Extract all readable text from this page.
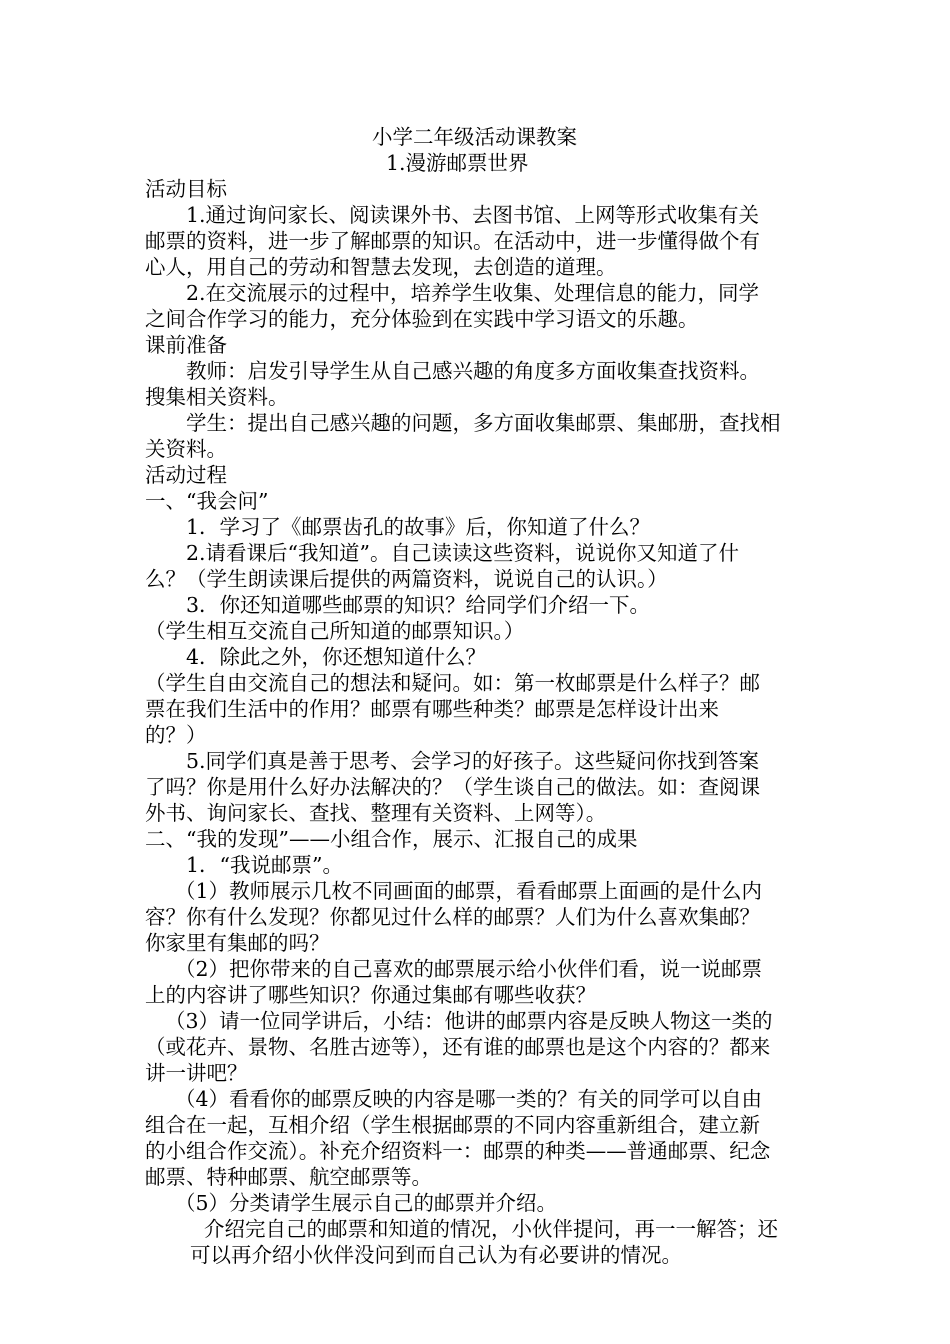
小学二年级活动课教案
1.漫游邮票世界
活动目标
1.通过询问家长、阅读课外书、去图书馆、上网等形式收集有关
邮票的资料，进一步了解邮票的知识。在活动中，进一步懂得做个有
心人，用自己的劳动和智慧去发现，去创造的道理。
2.在交流展示的过程中，培养学生收集、处理信息的能力，同学
之间合作学习的能力，充分体验到在实践中学习语文的乐趣。
课前准备
教师：启发引导学生从自己感兴趣的角度多方面收集查找资料。
搜集相关资料。
学生：提出自己感兴趣的问题，多方面收集邮票、集邮册，查找相
关资料。
活动过程
一、“我会问”
1．学习了《邮票齿孔的故事》后，你知道了什么？
2.请看课后“我知道”。自己读读这些资料，说说你又知道了什
么？（学生朗读课后提供的两篇资料，说说自己的认识。）
3．你还知道哪些邮票的知识？给同学们介绍一下。
（学生相互交流自己所知道的邮票知识。）
4．除此之外，你还想知道什么？
（学生自由交流自己的想法和疑问。如：第一枚邮票是什么样子？邮
票在我们生活中的作用？邮票有哪些种类？邮票是怎样设计出来
的？）
5.同学们真是善于思考、会学习的好孩子。这些疑问你找到答案
了吗？你是用什么好办法解决的？（学生谈自己的做法。如：查阅课
外书、询问家长、查找、整理有关资料、上网等）。
二、“我的发现”——小组合作，展示、汇报自己的成果
1．“我说邮票”。
（1）教师展示几枚不同画面的邮票，看看邮票上面画的是什么内
容？你有什么发现？你都见过什么样的邮票？人们为什么喜欢集邮？
你家里有集邮的吗？
（2）把你带来的自己喜欢的邮票展示给小伙伴们看，说一说邮票
上的内容讲了哪些知识？你通过集邮有哪些收获？
（3）请一位同学讲后，小结：他讲的邮票内容是反映人物这一类的
（或花卉、景物、名胜古迹等），还有谁的邮票也是这个内容的？都来
讲一讲吧？
（4）看看你的邮票反映的内容是哪一类的？有关的同学可以自由
组合在一起，互相介绍（学生根据邮票的不同内容重新组合，建立新
的小组合作交流）。补充介绍资料一：邮票的种类——普通邮票、纪念
邮票、特种邮票、航空邮票等。
（5）分类请学生展示自己的邮票并介绍。
介绍完自己的邮票和知道的情况，小伙伴提问，再一一解答；还
可以再介绍小伙伴没问到而自己认为有必要讲的情况。
